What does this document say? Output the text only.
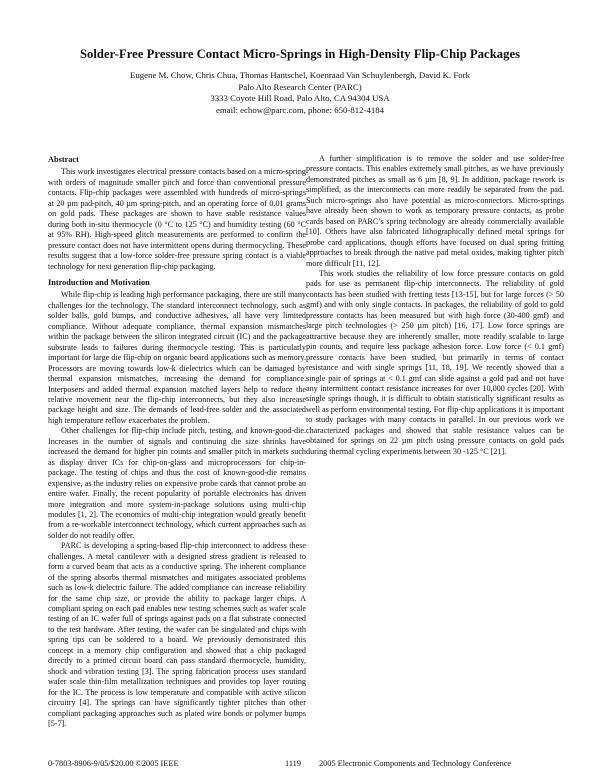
Solder-Free Pressure Contact Micro-Springs in High-Density Flip-Chip Packages
Eugene M. Chow, Chris Chua, Thomas Hantschel, Koenraad Van Schuylenbergh, David K. Fork
Palo Alto Research Center (PARC)
3333 Coyote Hill Road, Palo Alto, CA 94304 USA
email: echow@parc.com, phone: 650-812-4184
Abstract

This work investigates electrical pressure contacts based on a micro-spring with orders of magnitude smaller pitch and force than conventional pressure contacts. Flip-chip packages were assembled with hundreds of micro-springs at 20 µm pad-pitch, 40 µm spring-pitch, and an operating force of 0.01 grams on gold pads. These packages are shown to have stable resistance values during both in-situ thermocycle (0 °C to 125 °C) and humidity testing (60 °C at 95% RH). High-speed glitch measurements are performed to confirm the pressure contact does not have intermittent opens during thermocycling. These results suggest that a low-force solder-free pressure spring contact is a viable technology for next generation flip-chip packaging.

Introduction and Motivation

While flip-chip is leading high performance packaging, there are still many challenges for the technology. The standard interconnect technology, such as solder balls, gold bumps, and conductive adhesives, all have very limited compliance. Without adequate compliance, thermal expansion mismatches within the package between the silicon integrated circuit (IC) and the package substrate leads to failures during thermocycle testing. This is particularly important for large die flip-chip on organic board applications such as memory. Processors are moving towards low-k dielectrics which can be damaged by thermal expansion mismatches, increasing the demand for compliance. Interposers and added thermal expansion matched layers help to reduce the relative movement near the flip-chip interconnects, but they also increase package height and size. The demands of lead-free solder and the associated high temperature reflow exacerbates the problem.

Other challenges for flip-chip include pitch, testing, and known-good-die. Increases in the number of signals and continuing die size shrinks have increased the demand for higher pin counts and smaller pitch in markets such as display driver ICs for chip-on-glass and microprocessors for chip-in-package. The testing of chips and thus the cost of known-good-die remains expensive, as the industry relies on expensive probe cards that cannot probe an entire wafer. Finally, the recent popularity of portable electronics has driven more integration and more system-in-package solutions using multi-chip modules [1, 2]. The economics of multi-chip integration would greatly benefit from a re-workable interconnect technology, which current approaches such as solder do not readily offer.

PARC is developing a spring-based flip-chip interconnect to address these challenges. A metal cantilever with a designed stress gradient is released to form a curved beam that acts as a conductive spring. The inherent compliance of the spring absorbs thermal mismatches and mitigates associated problems such as low-k dielectric failure. The added compliance can increase reliability for the same chip size, or provide the ability to package larger chips. A compliant spring on each pad enables new testing schemes such as wafer scale testing of an IC wafer full of springs against pads on a flat substrate connected to the test hardware. After testing, the wafer can be singulated and chips with spring tips can be soldered to a board. We previously demonstrated this concept in a memory chip configuration and showed that a chip packaged directly to a printed circuit board can pass standard thermocycle, humidity, shock and vibration testing [3]. The spring fabrication process uses standard wafer scale thin-film metallization techniques and provides top layer routing for the IC. The process is low temperature and compatible with active silicon circuitry [4]. The springs can have significantly tighter pitches than other compliant packaging approaches such as plated wire bonds or polymer bumps [5-7].

A further simplification is to remove the solder and use solder-free pressure contacts. This enables extremely small pitches, as we have previously demonstrated pitches as small as 6 µm [8, 9]. In addition, package rework is simplified, as the interconnects can more readily be separated from the pad. Such micro-springs also have potential as micro-connectors. Micro-springs have already been shown to work as temporary pressure contacts, as probe cards based on PARC’s spring technology are already commercially available [10]. Others have also fabricated lithographically defined metal springs for probe card applications, though efforts have focused on dual spring fritting approaches to break through the native pad metal oxides, making tighter pitch more difficult [11, 12].

This work studies the reliability of low force pressure contacts on gold pads for use as permanent flip-chip interconnects. The reliability of gold contacts has been studied with fretting tests [13-15], but for large forces (> 50 gmf) and with only single contacts. In packages, the reliability of gold to gold pressure contacts has been measured but with high force (30-400 gmf) and large pitch technologies (> 250 µm pitch) [16, 17]. Low force springs are attractive because they are inherently smaller, more readily scalable to large pin counts, and require less package adhesion force. Low force (< 0.1 gmf) pressure contacts have been studied, but primarily in terms of contact resistance and with single springs [11, 18, 19]. We recently showed that a single pair of springs at < 0.1 gmf can slide against a gold pad and not have any intermittent contact resistance increases for over 10,000 cycles [20]. With single springs though, it is difficult to obtain statistically significant results as well as perform environmental testing. For flip-chip applications it is important to study packages with many contacts in parallel. In our previous work we characterized packages and showed that stable resistance values can be obtained for springs on 22 µm pitch using pressure contacts on gold pads during thermal cycling experiments between 30 -125 °C [21].

0-7803-8906-9/05/$20.00 ©2005 IEEE	1119 2005 Electronic Components and Technology Conference
